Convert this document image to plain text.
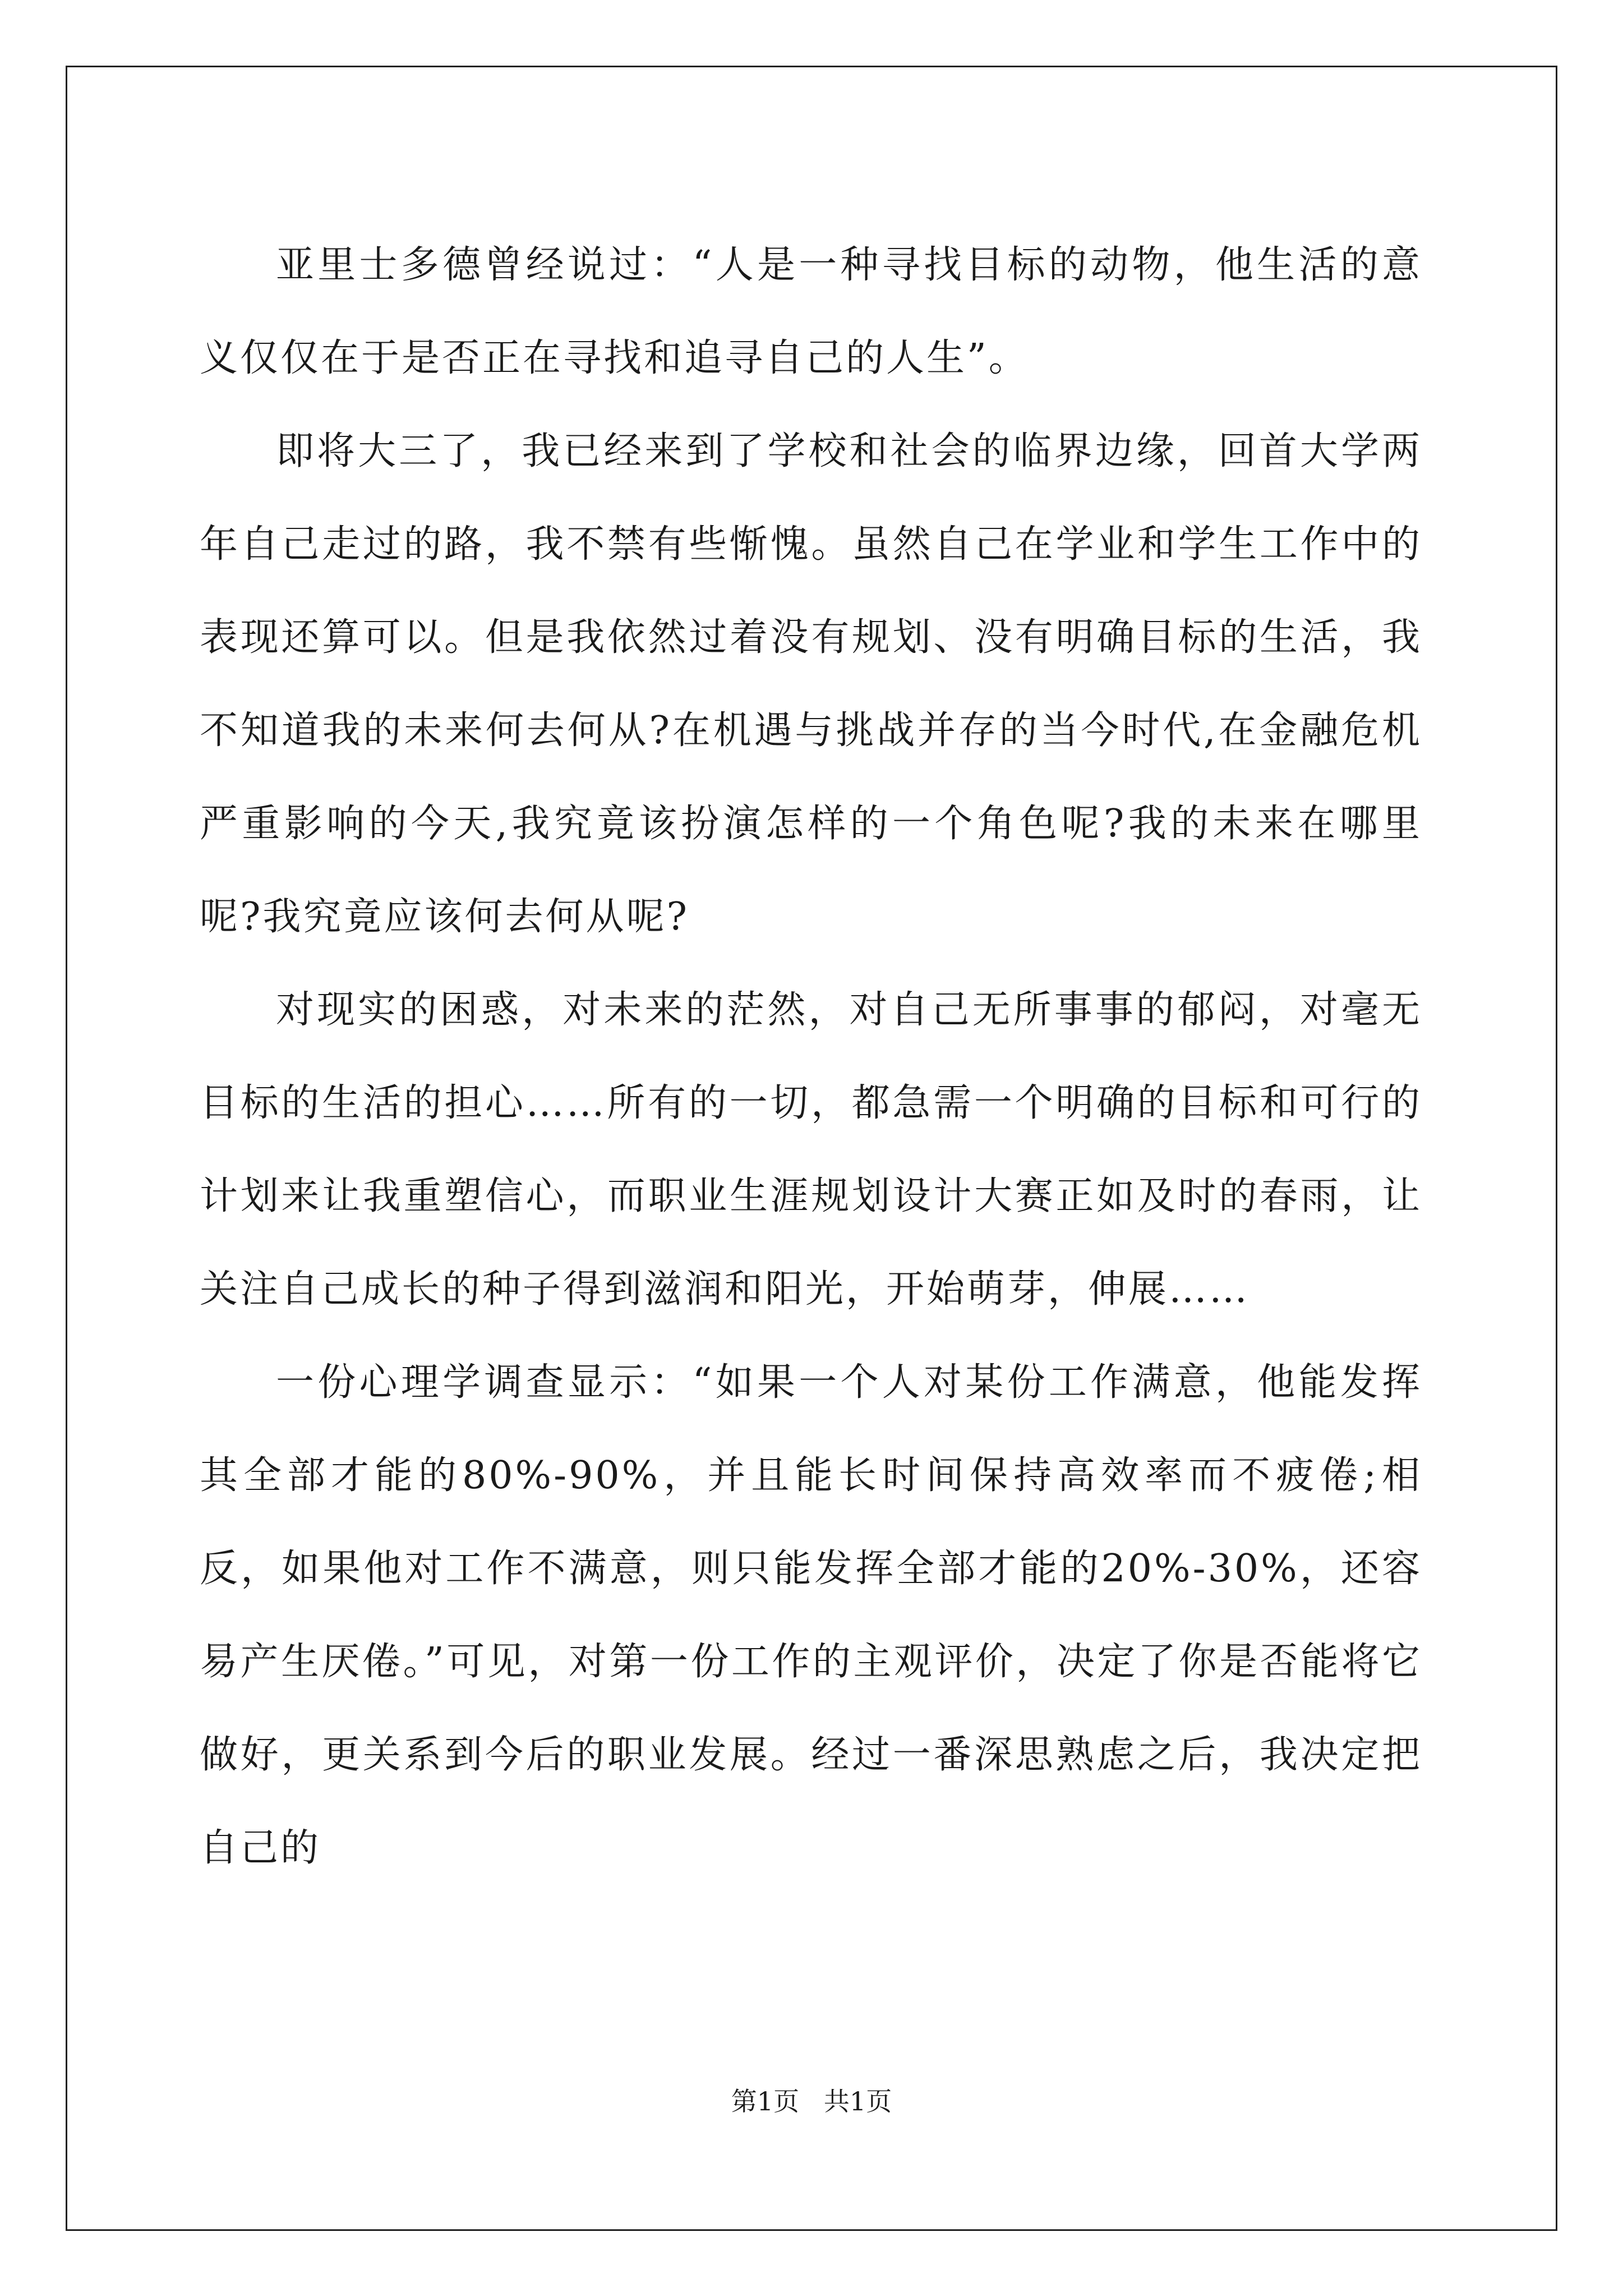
亚里士多德曾经说过：“人是一种寻找目标的动物，他生活的意义仅仅在于是否正在寻找和追寻自己的人生”。

即将大三了，我已经来到了学校和社会的临界边缘，回首大学两年自己走过的路，我不禁有些惭愧。虽然自己在学业和学生工作中的表现还算可以。但是我依然过着没有规划、没有明确目标的生活，我不知道我的未来何去何从?在机遇与挑战并存的当今时代,在金融危机严重影响的今天,我究竟该扮演怎样的一个角色呢?我的未来在哪里呢?我究竟应该何去何从呢?

对现实的困惑，对未来的茫然，对自己无所事事的郁闷，对毫无目标的生活的担心……所有的一切，都急需一个明确的目标和可行的计划来让我重塑信心，而职业生涯规划设计大赛正如及时的春雨，让关注自己成长的种子得到滋润和阳光，开始萌芽，伸展……

一份心理学调查显示：“如果一个人对某份工作满意，他能发挥其全部才能的80%-90%，并且能长时间保持高效率而不疲倦;相反，如果他对工作不满意，则只能发挥全部才能的20%-30%，还容易产生厌倦。”可见，对第一份工作的主观评价，决定了你是否能将它做好，更关系到今后的职业发展。经过一番深思熟虑之后，我决定把自己的

第1页   共1页
